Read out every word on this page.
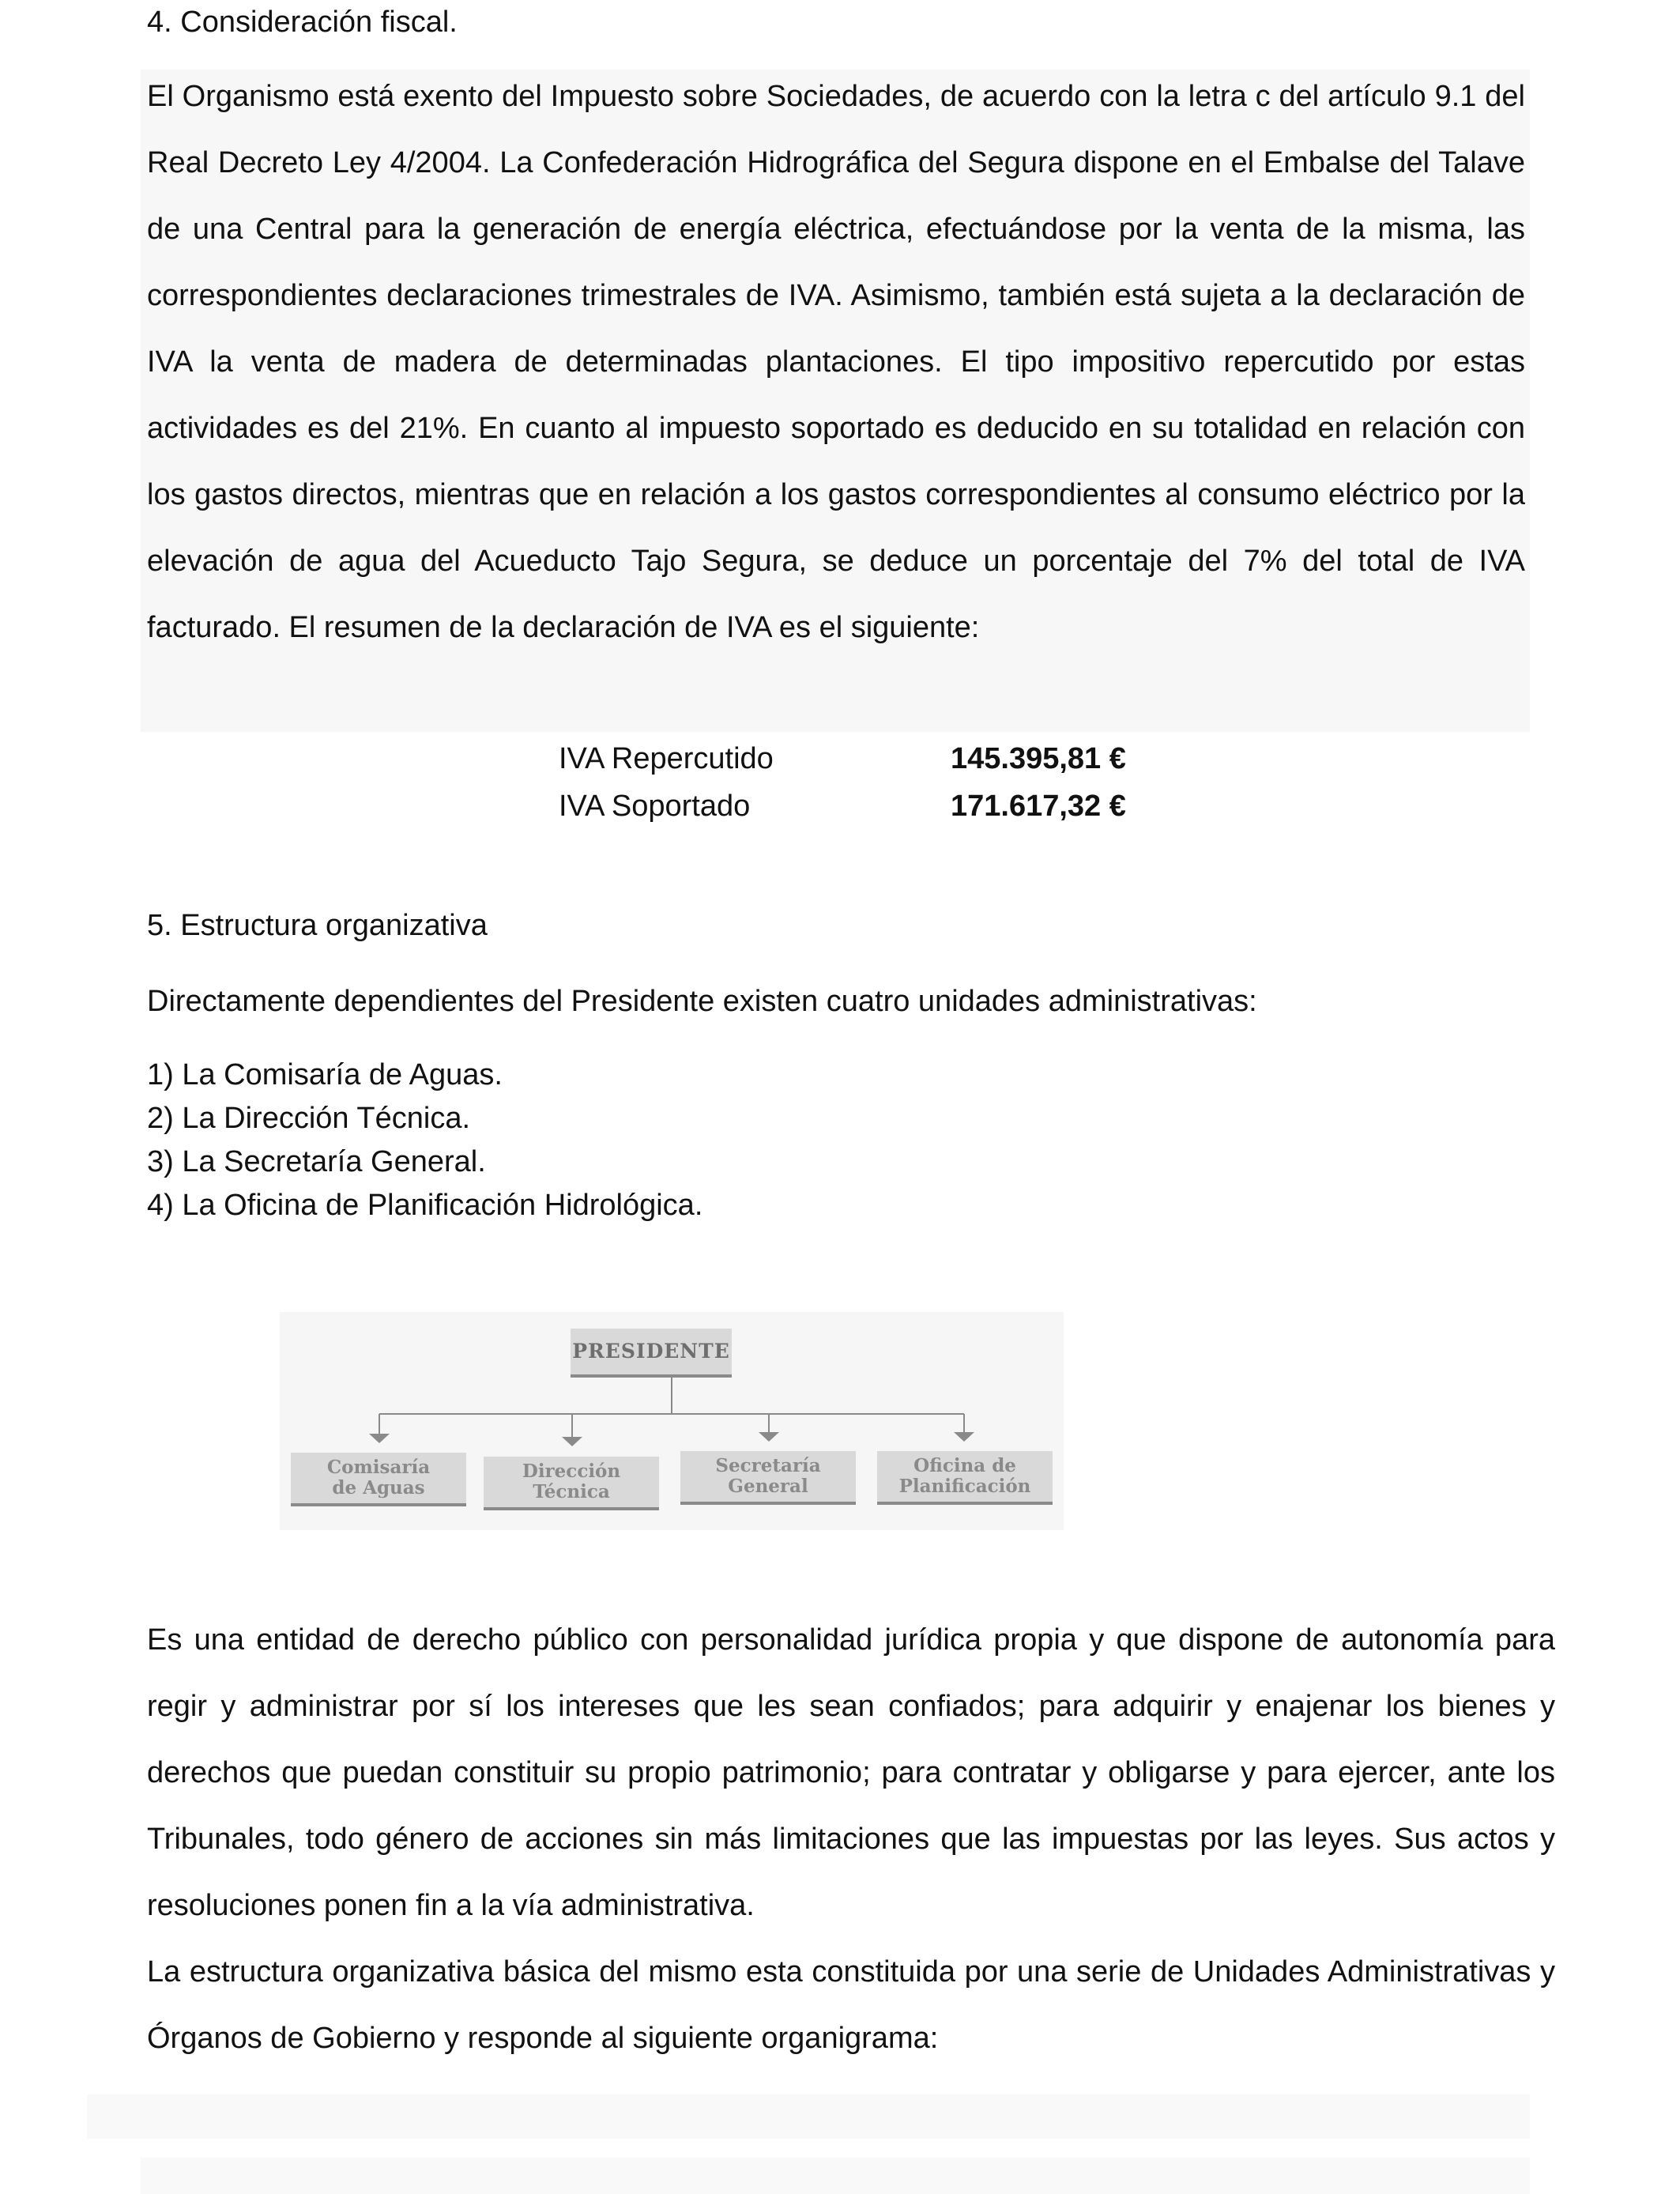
4. Consideración fiscal.

El Organismo está exento del Impuesto sobre Sociedades, de acuerdo con la letra c del artículo 9.1 del Real Decreto Ley 4/2004. La Confederación Hidrográfica del Segura dispone en el Embalse del Talave de una Central para la generación de energía eléctrica, efectuándose por la venta de la misma, las correspondientes declaraciones trimestrales de IVA. Asimismo, también está sujeta a la declaración de IVA la venta de madera de determinadas plantaciones. El tipo impositivo repercutido por estas actividades es del 21%. En cuanto al impuesto soportado es deducido en su totalidad en relación con los gastos directos, mientras que en relación a los gastos correspondientes al consumo eléctrico por la elevación de agua del Acueducto Tajo Segura, se deduce un porcentaje del 7% del total de IVA facturado. El resumen de la declaración de IVA es el siguiente:

IVA Repercutido	145.395,81 €
IVA Soportado	171.617,32 €
5. Estructura organizativa
Directamente dependientes del Presidente existen cuatro unidades administrativas:
1) La Comisaría de Aguas.
2) La Dirección Técnica.
3) La Secretaría General.
4) La Oficina de Planificación Hidrológica.
PRESIDENTE
Comisaría
de Aguas
Dirección
Técnica
Secretaría
General
Oficina de
Planificación

Es una entidad de derecho público con personalidad jurídica propia y que dispone de autonomía para regir y administrar por sí los intereses que les sean confiados; para adquirir y enajenar los bienes y derechos que puedan constituir su propio patrimonio; para contratar y obligarse y para ejercer, ante los Tribunales, todo género de acciones sin más limitaciones que las impuestas por las leyes. Sus actos y resoluciones ponen fin a la vía administrativa.

La estructura organizativa básica del mismo esta constituida por una serie de Unidades Administrativas y Órganos de Gobierno y responde al siguiente organigrama:
